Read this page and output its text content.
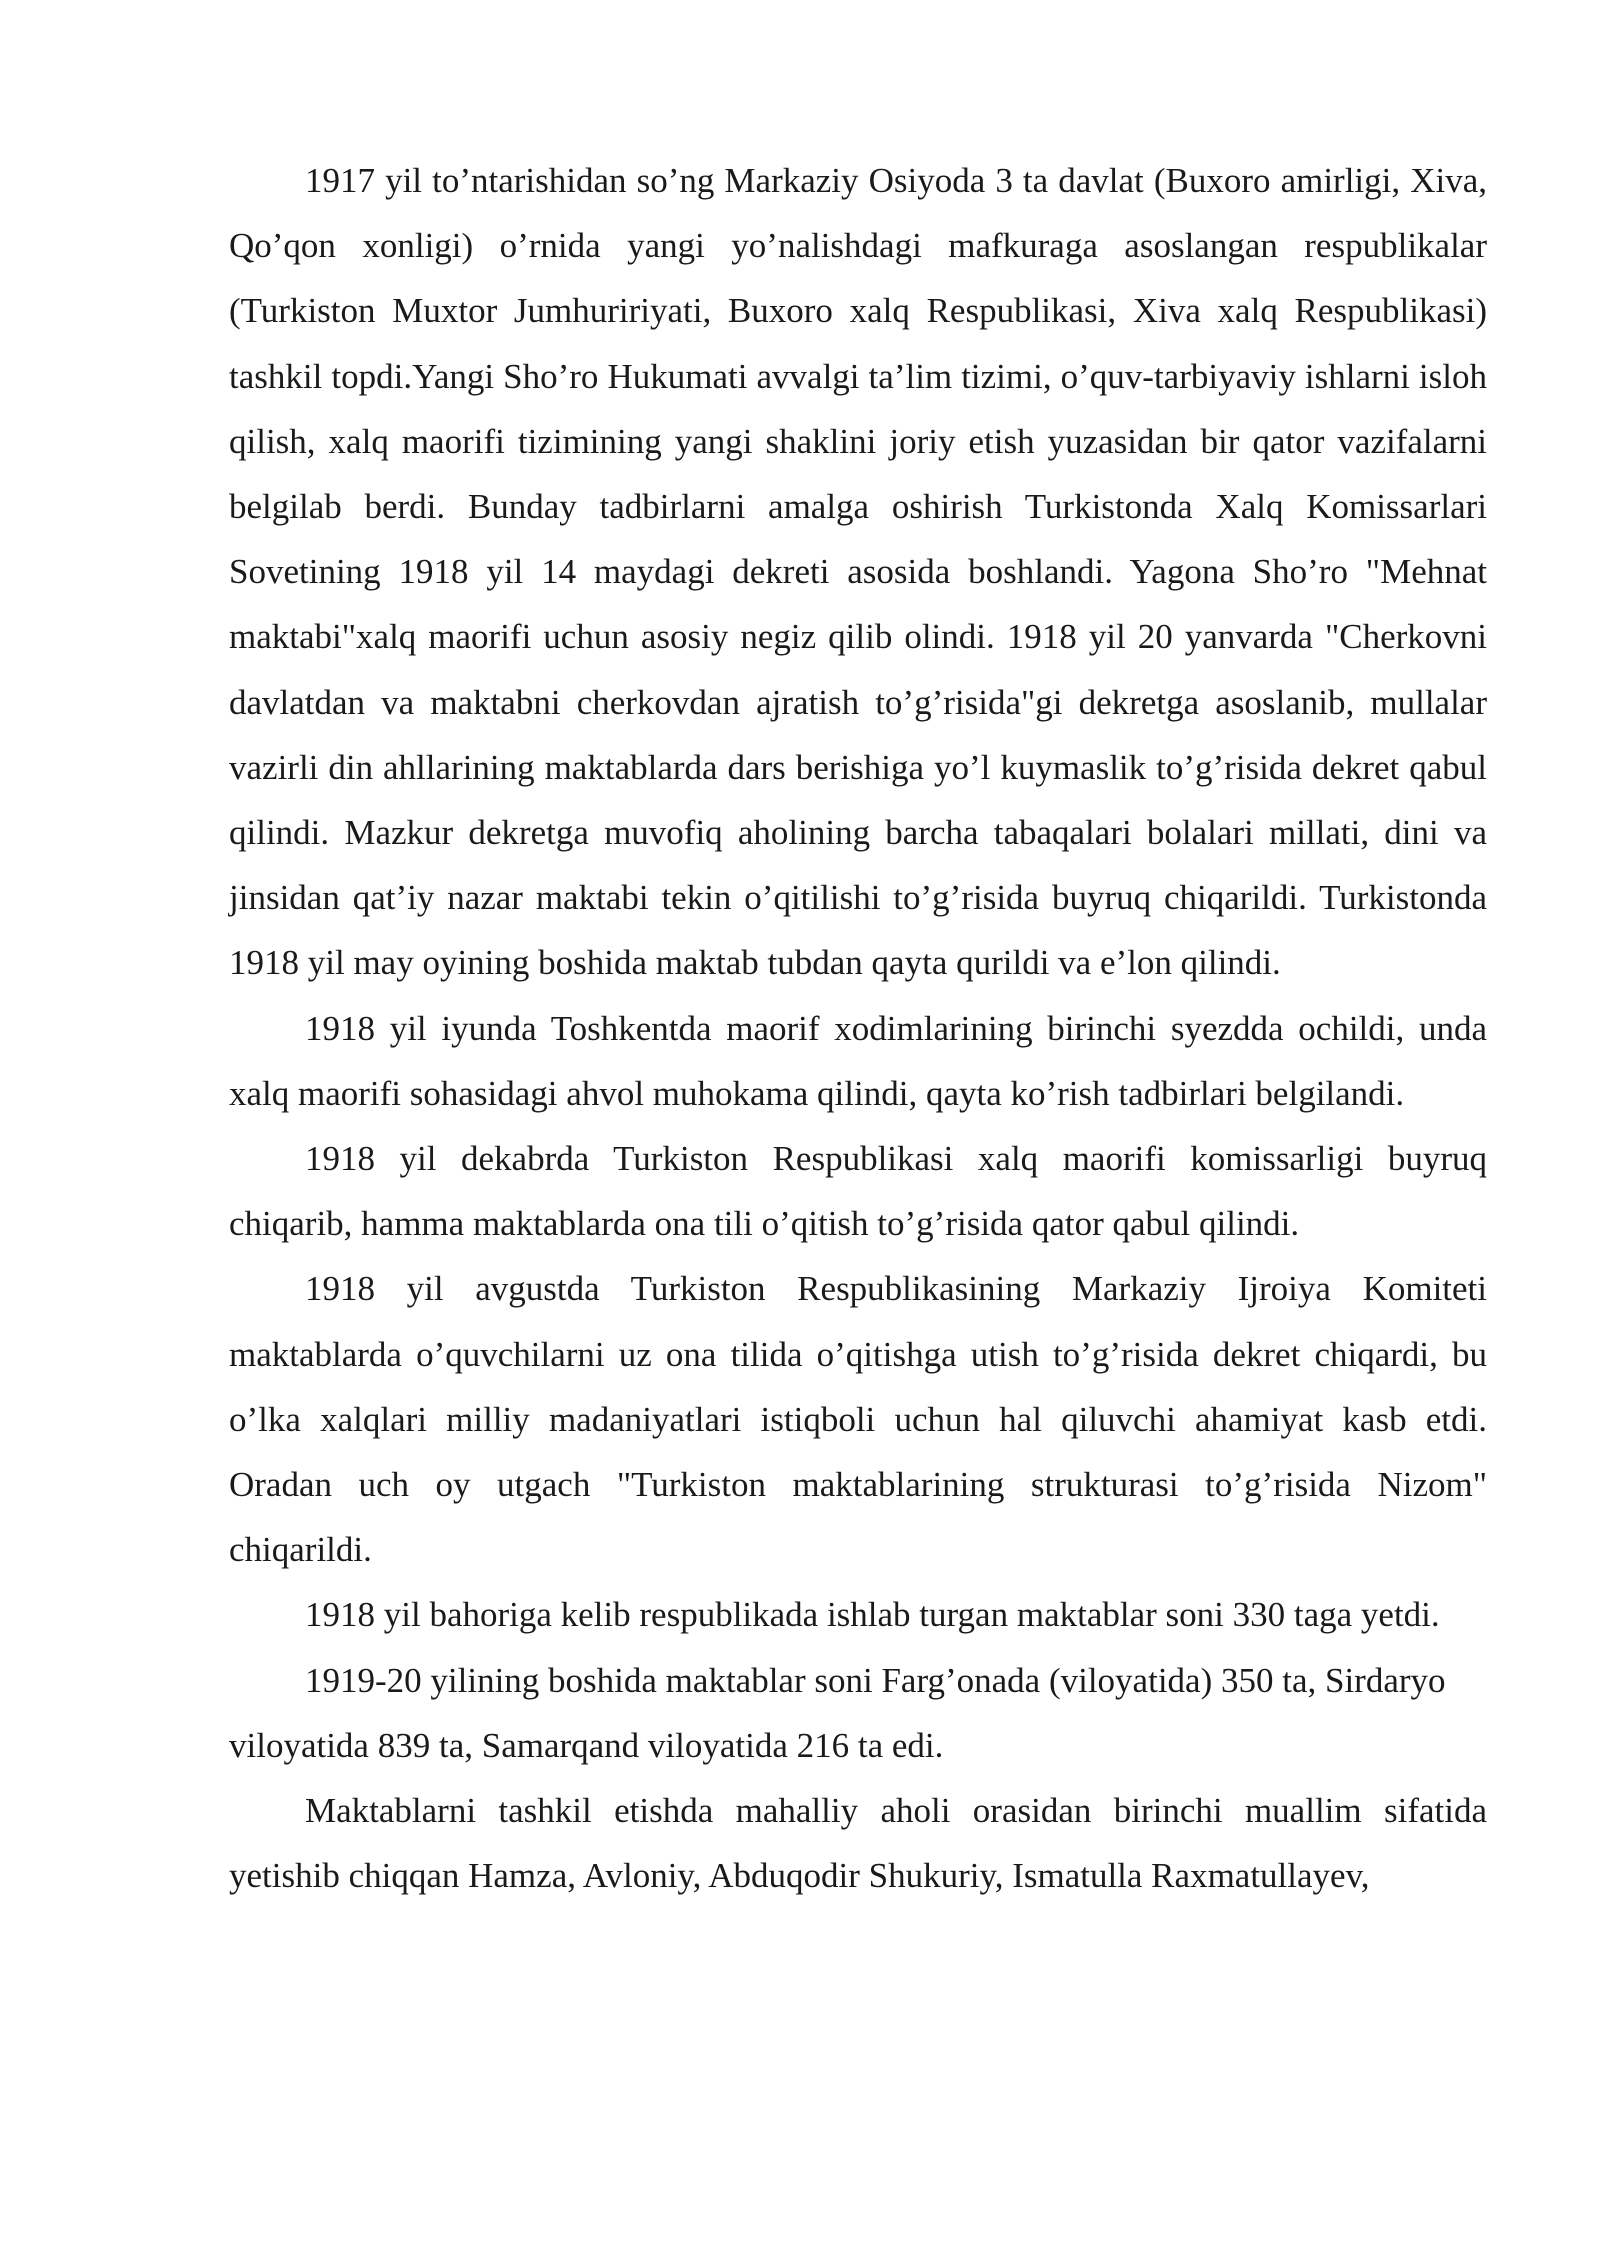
1917 yil to’ntarishidan so’ng Markaziy Osiyoda 3 ta davlat (Buxoro amirligi, Xiva, Qo’qon xonligi) o’rnida yangi yo’nalishdagi mafkuraga asoslangan respublikalar (Turkiston Muxtor Jumhuririyati, Buxoro xalq Respublikasi, Xiva xalq Respublikasi) tashkil topdi.Yangi Sho’ro Hukumati avvalgi ta’lim tizimi, o’quv-tarbiyaviy ishlarni isloh qilish, xalq maorifi tizimining yangi shaklini joriy etish yuzasidan bir qator vazifalarni belgilab berdi. Bunday tadbirlarni amalga oshirish Turkistonda Xalq Komissarlari Sovetining 1918 yil 14 maydagi dekreti asosida boshlandi. Yagona Sho’ro "Mehnat maktabi"xalq maorifi uchun asosiy negiz qilib olindi. 1918 yil 20 yanvarda "Cherkovni davlatdan va maktabni cherkovdan ajratish to’g’risida"gi dekretga asoslanib, mullalar vazirli din ahllarining maktablarda dars berishiga yo’l kuymaslik to’g’risida dekret qabul qilindi. Mazkur dekretga muvofiq aholining barcha tabaqalari bolalari millati, dini va jinsidan qat’iy nazar maktabi tekin o’qitilishi to’g’risida buyruq chiqarildi. Turkistonda 1918 yil may oyining boshida maktab tubdan qayta qurildi va e’lon qilindi.

1918 yil iyunda Toshkentda maorif xodimlarining birinchi syezdda ochildi, unda xalq maorifi sohasidagi ahvol muhokama qilindi, qayta ko’rish tadbirlari belgilandi.

1918 yil dekabrda Turkiston Respublikasi xalq maorifi komissarligi buyruq chiqarib, hamma maktablarda ona tili o’qitish to’g’risida qator qabul qilindi.

1918 yil avgustda Turkiston Respublikasining Markaziy Ijroiya Komiteti maktablarda o’quvchilarni uz ona tilida o’qitishga utish to’g’risida dekret chiqardi, bu o’lka xalqlari milliy madaniyatlari istiqboli uchun hal qiluvchi ahamiyat kasb etdi. Oradan uch oy utgach "Turkiston maktablarining strukturasi to’g’risida Nizom" chiqarildi.

1918 yil bahoriga kelib respublikada ishlab turgan maktablar soni 330 taga yetdi.

1919-20 yilining boshida maktablar soni Farg’onada (viloyatida) 350 ta, Sirdaryo viloyatida 839 ta, Samarqand viloyatida 216 ta edi.

Maktablarni tashkil etishda mahalliy aholi orasidan birinchi muallim sifatida yetishib chiqqan Hamza, Avloniy, Abduqodir Shukuriy, Ismatulla Raxmatullayev,
